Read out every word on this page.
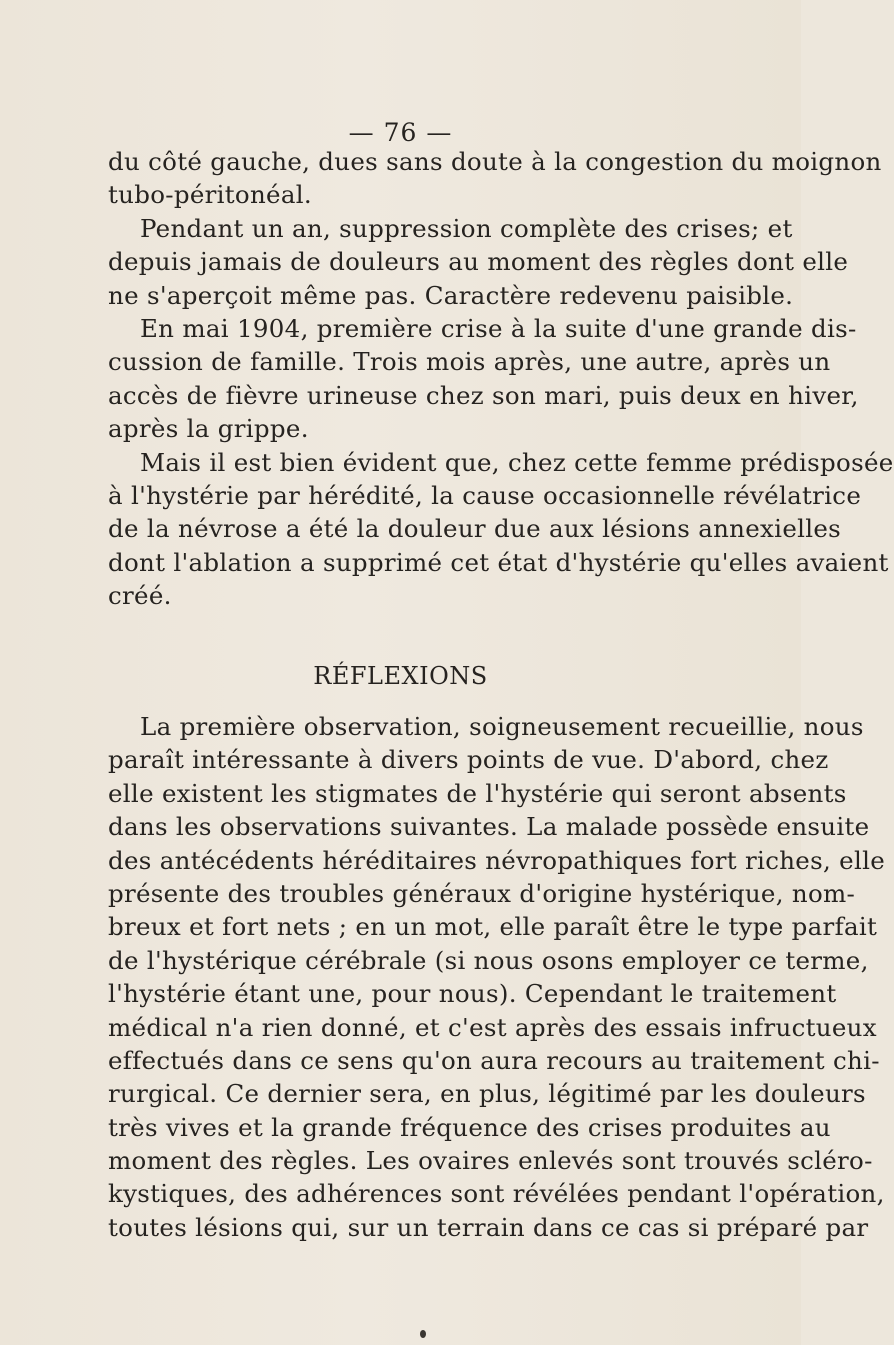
— 76 —
du côté gauche, dues sans doute à la congestion du moignon
tubo-péritonéal.
Pendant un an, suppression complète des crises; et
depuis jamais de douleurs au moment des règles dont elle
ne s'aperçoit même pas. Caractère redevenu paisible.
En mai 1904, première crise à la suite d'une grande dis-
cussion de famille. Trois mois après, une autre, après un
accès de fièvre urineuse chez son mari, puis deux en hiver,
après la grippe.
Mais il est bien évident que, chez cette femme prédisposée
à l'hystérie par hérédité, la cause occasionnelle révélatrice
de la névrose a été la douleur due aux lésions annexielles
dont l'ablation a supprimé cet état d'hystérie qu'elles avaient
créé.
RÉFLEXIONS
La première observation, soigneusement recueillie, nous
paraît intéressante à divers points de vue. D'abord, chez
elle existent les stigmates de l'hystérie qui seront absents
dans les observations suivantes. La malade possède ensuite
des antécédents héréditaires névropathiques fort riches, elle
présente des troubles généraux d'origine hystérique, nom-
breux et fort nets ; en un mot, elle paraît être le type parfait
de l'hystérique cérébrale (si nous osons employer ce terme,
l'hystérie étant une, pour nous). Cependant le traitement
médical n'a rien donné, et c'est après des essais infructueux
effectués dans ce sens qu'on aura recours au traitement chi-
rurgical. Ce dernier sera, en plus, légitimé par les douleurs
très vives et la grande fréquence des crises produites au
moment des règles. Les ovaires enlevés sont trouvés scléro-
kystiques, des adhérences sont révélées pendant l'opération,
toutes lésions qui, sur un terrain dans ce cas si préparé par
